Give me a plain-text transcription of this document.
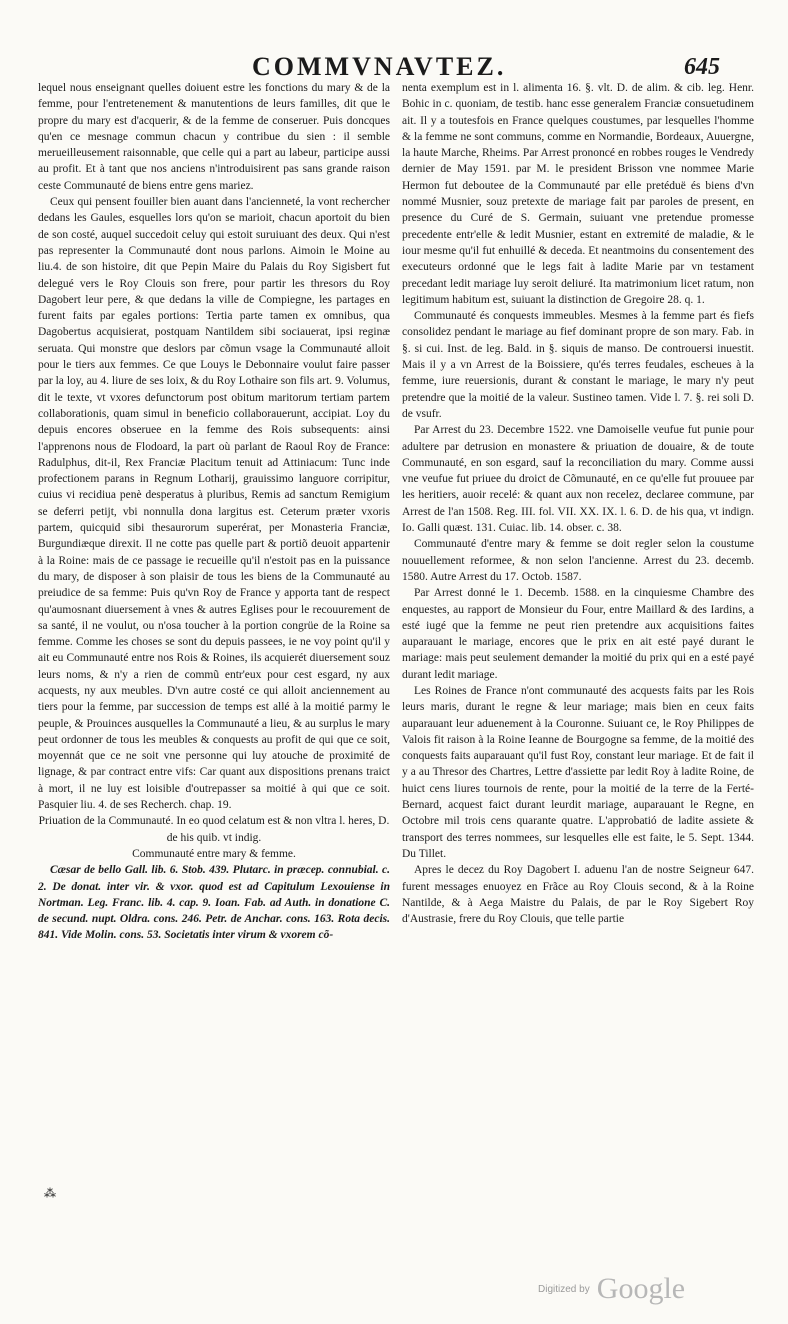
COMMVNAVTEZ.	645

lequel nous enseignant quelles doiuent estre les fonctions du mary & de la femme, pour l'entretenement & manutentions de leurs familles, dit que le propre du mary est d'acquerir, & de la femme de conseruer. Puis doncques qu'en ce mesnage commun chacun y contribue du sien : il semble merueilleusement raisonnable, que celle qui a part au labeur, participe aussi au profit. Et à tant que nos anciens n'introduisirent pas sans grande raison ceste Communauté de biens entre gens mariez.

Ceux qui pensent fouiller bien auant dans l'ancienneté, la vont rechercher dedans les Gaules, esquelles lors qu'on se marioit, chacun aportoit du bien de son costé, auquel succedoit celuy qui estoit suruiuant des deux. Qui n'est pas representer la Communauté dont nous parlons. Aimoin le Moine au liu.4. de son histoire, dit que Pepin Maire du Palais du Roy Sigisbert fut delegué vers le Roy Clouis son frere, pour partir les thresors du Roy Dagobert leur pere, & que dedans la ville de Compiegne, les partages en furent faits par egales portions: Tertia parte tamen ex omnibus, qua Dagobertus acquisierat, postquam Nantildem sibi sociauerat, ipsi reginæ seruata. Qui monstre que deslors par cõmun vsage la Communauté alloit pour le tiers aux femmes. Ce que Louys le Debonnaire voulut faire passer par la loy, au 4. liure de ses loix, & du Roy Lothaire son fils art. 9. Volumus, dit le texte, vt vxores defunctorum post obitum maritorum tertiam partem collaborationis, quam simul in beneficio collaborauerunt, accipiat. Loy du depuis encores obseruee en la femme des Rois subsequents: ainsi l'apprenons nous de Flodoard, la part où parlant de Raoul Roy de France: Radulphus, dit-il, Rex Franciæ Placitum tenuit ad Attiniacum: Tunc inde profectionem parans in Regnum Lotharij, grauissimo languore corripitur, cuius vi recidiua penè desperatus à pluribus, Remis ad sanctum Remigium se deferri petijt, vbi nonnulla dona largitus est. Ceterum præter vxoris partem, quicquid sibi thesaurorum superérat, per Monasteria Franciæ, Burgundiæque direxit. Il ne cotte pas quelle part & portiõ deuoit appartenir à la Roine: mais de ce passage ie recueille qu'il n'estoit pas en la puissance du mary, de disposer à son plaisir de tous les biens de la Communauté au preiudice de sa femme: Puis qu'vn Roy de France y apporta tant de respect qu'aumosnant diuersement à vnes & autres Eglises pour le recouurement de sa santé, il ne voulut, ou n'osa toucher à la portion congrüe de la Roine sa femme. Comme les choses se sont du depuis passees, ie ne voy point qu'il y ait eu Communauté entre nos Rois & Roines, ils acquierét diuersement souz leurs noms, & n'y a rien de commũ entr'eux pour cest esgard, ny aux acquests, ny aux meubles. D'vn autre costé ce qui alloit anciennement au tiers pour la femme, par succession de temps est allé à la moitié parmy le peuple, & Prouinces ausquelles la Communauté a lieu, & au surplus le mary peut ordonner de tous les meubles & conquests au profit de qui que ce soit, moyennát que ce ne soit vne personne qui luy atouche de proximité de lignage, & par contract entre vifs: Car quant aux dispositions prenans traict à mort, il ne luy est loisible d'outrepasser sa moitié à qui que ce soit. Pasquier liu. 4. de ses Recherch. chap. 19.

Priuation de la Communauté. In eo quod celatum est & non vltra l. heres, D. de his quib. vt indig.

Communauté entre mary & femme.

Cæsar de bello Gall. lib. 6. Stob. 439. Plutarc. in præcep. connubial. c. 2. De donat. inter vir. & vxor. quod est ad Capitulum Lexouiense in Nortman. Leg. Franc. lib. 4. cap. 9. Ioan. Fab. ad Auth. in donatione C. de secund. nupt. Oldra. cons. 246. Petr. de Anchar. cons. 163. Rota decis. 841. Vide Molin. cons. 53. Societatis inter virum & vxorem cõ-

nenta exemplum est in l. alimenta 16. §. vlt. D. de alim. & cib. leg. Henr. Bohic in c. quoniam, de testib. hanc esse generalem Franciæ consuetudinem ait. Il y a toutesfois en France quelques coustumes, par lesquelles l'homme & la femme ne sont communs, comme en Normandie, Bordeaux, Auuergne, la haute Marche, Rheims. Par Arrest prononcé en robbes rouges le Vendredy dernier de May 1591. par M. le president Brisson vne nommee Marie Hermon fut deboutee de la Communauté par elle pretéduë és biens d'vn nommé Musnier, souz pretexte de mariage fait par paroles de present, en presence du Curé de S. Germain, suiuant vne pretendue promesse precedente entr'elle & ledit Musnier, estant en extremité de maladie, & le iour mesme qu'il fut enhuillé & deceda. Et neantmoins du consentement des executeurs ordonné que le legs fait à ladite Marie par vn testament precedant ledit mariage luy seroit deliuré. Ita matrimonium licet ratum, non legitimum habitum est, suiuant la distinction de Gregoire 28. q. 1.

Communauté és conquests immeubles. Mesmes à la femme part és fiefs consolidez pendant le mariage au fief dominant propre de son mary. Fab. in §. si cui. Inst. de leg. Bald. in §. siquis de manso. De controuersi inuestit. Mais il y a vn Arrest de la Boissiere, qu'és terres feudales, escheues à la femme, iure reuersionis, durant & constant le mariage, le mary n'y peut pretendre que la moitié de la valeur. Sustineo tamen. Vide l. 7. §. rei soli D. de vsufr.

Par Arrest du 23. Decembre 1522. vne Damoiselle veufue fut punie pour adultere par detrusion en monastere & priuation de douaire, & de toute Communauté, en son esgard, sauf la reconciliation du mary. Comme aussi vne veufue fut priuee du droict de Cõmunauté, en ce qu'elle fut prouuee par les heritiers, auoir recelé: & quant aux non recelez, declaree commune, par Arrest de l'an 1508. Reg. III. fol. VII. XX. IX. l. 6. D. de his qua, vt indign. Io. Galli quæst. 131. Cuiac. lib. 14. obser. c. 38.

Communauté d'entre mary & femme se doit regler selon la coustume nouuellement reformee, & non selon l'ancienne. Arrest du 23. decemb. 1580. Autre Arrest du 17. Octob. 1587.

Par Arrest donné le 1. Decemb. 1588. en la cinquiesme Chambre des enquestes, au rapport de Monsieur du Four, entre Maillard & des Iardins, a esté iugé que la femme ne peut rien pretendre aux acquisitions faites auparauant le mariage, encores que le prix en ait esté payé durant le mariage: mais peut seulement demander la moitié du prix qui en a esté payé durant ledit mariage.

Les Roines de France n'ont communauté des acquests faits par les Rois leurs maris, durant le regne & leur mariage; mais bien en ceux faits auparauant leur aduenement à la Couronne. Suiuant ce, le Roy Philippes de Valois fit raison à la Roine Ieanne de Bourgogne sa femme, de la moitié des conquests faits auparauant qu'il fust Roy, constant leur mariage. Et de fait il y a au Thresor des Chartres, Lettre d'assiette par ledit Roy à ladite Roine, de huict cens liures tournois de rente, pour la moitié de la terre de la Ferté-Bernard, acquest faict durant leurdit mariage, auparauant le Regne, en Octobre mil trois cens quarante quatre. L'approbatió de ladite assiete & transport des terres nommees, sur lesquelles elle est faite, le 5. Sept. 1344. Du Tillet.

Apres le decez du Roy Dagobert I. aduenu l'an de nostre Seigneur 647. furent messages enuoyez en Frãce au Roy Clouis second, & à la Roine Nantilde, & à Aega Maistre du Palais, de par le Roy Sigebert Roy d'Austrasie, frere du Roy Clouis, que telle partie

⁂
$^{Digitized by}$ Google
